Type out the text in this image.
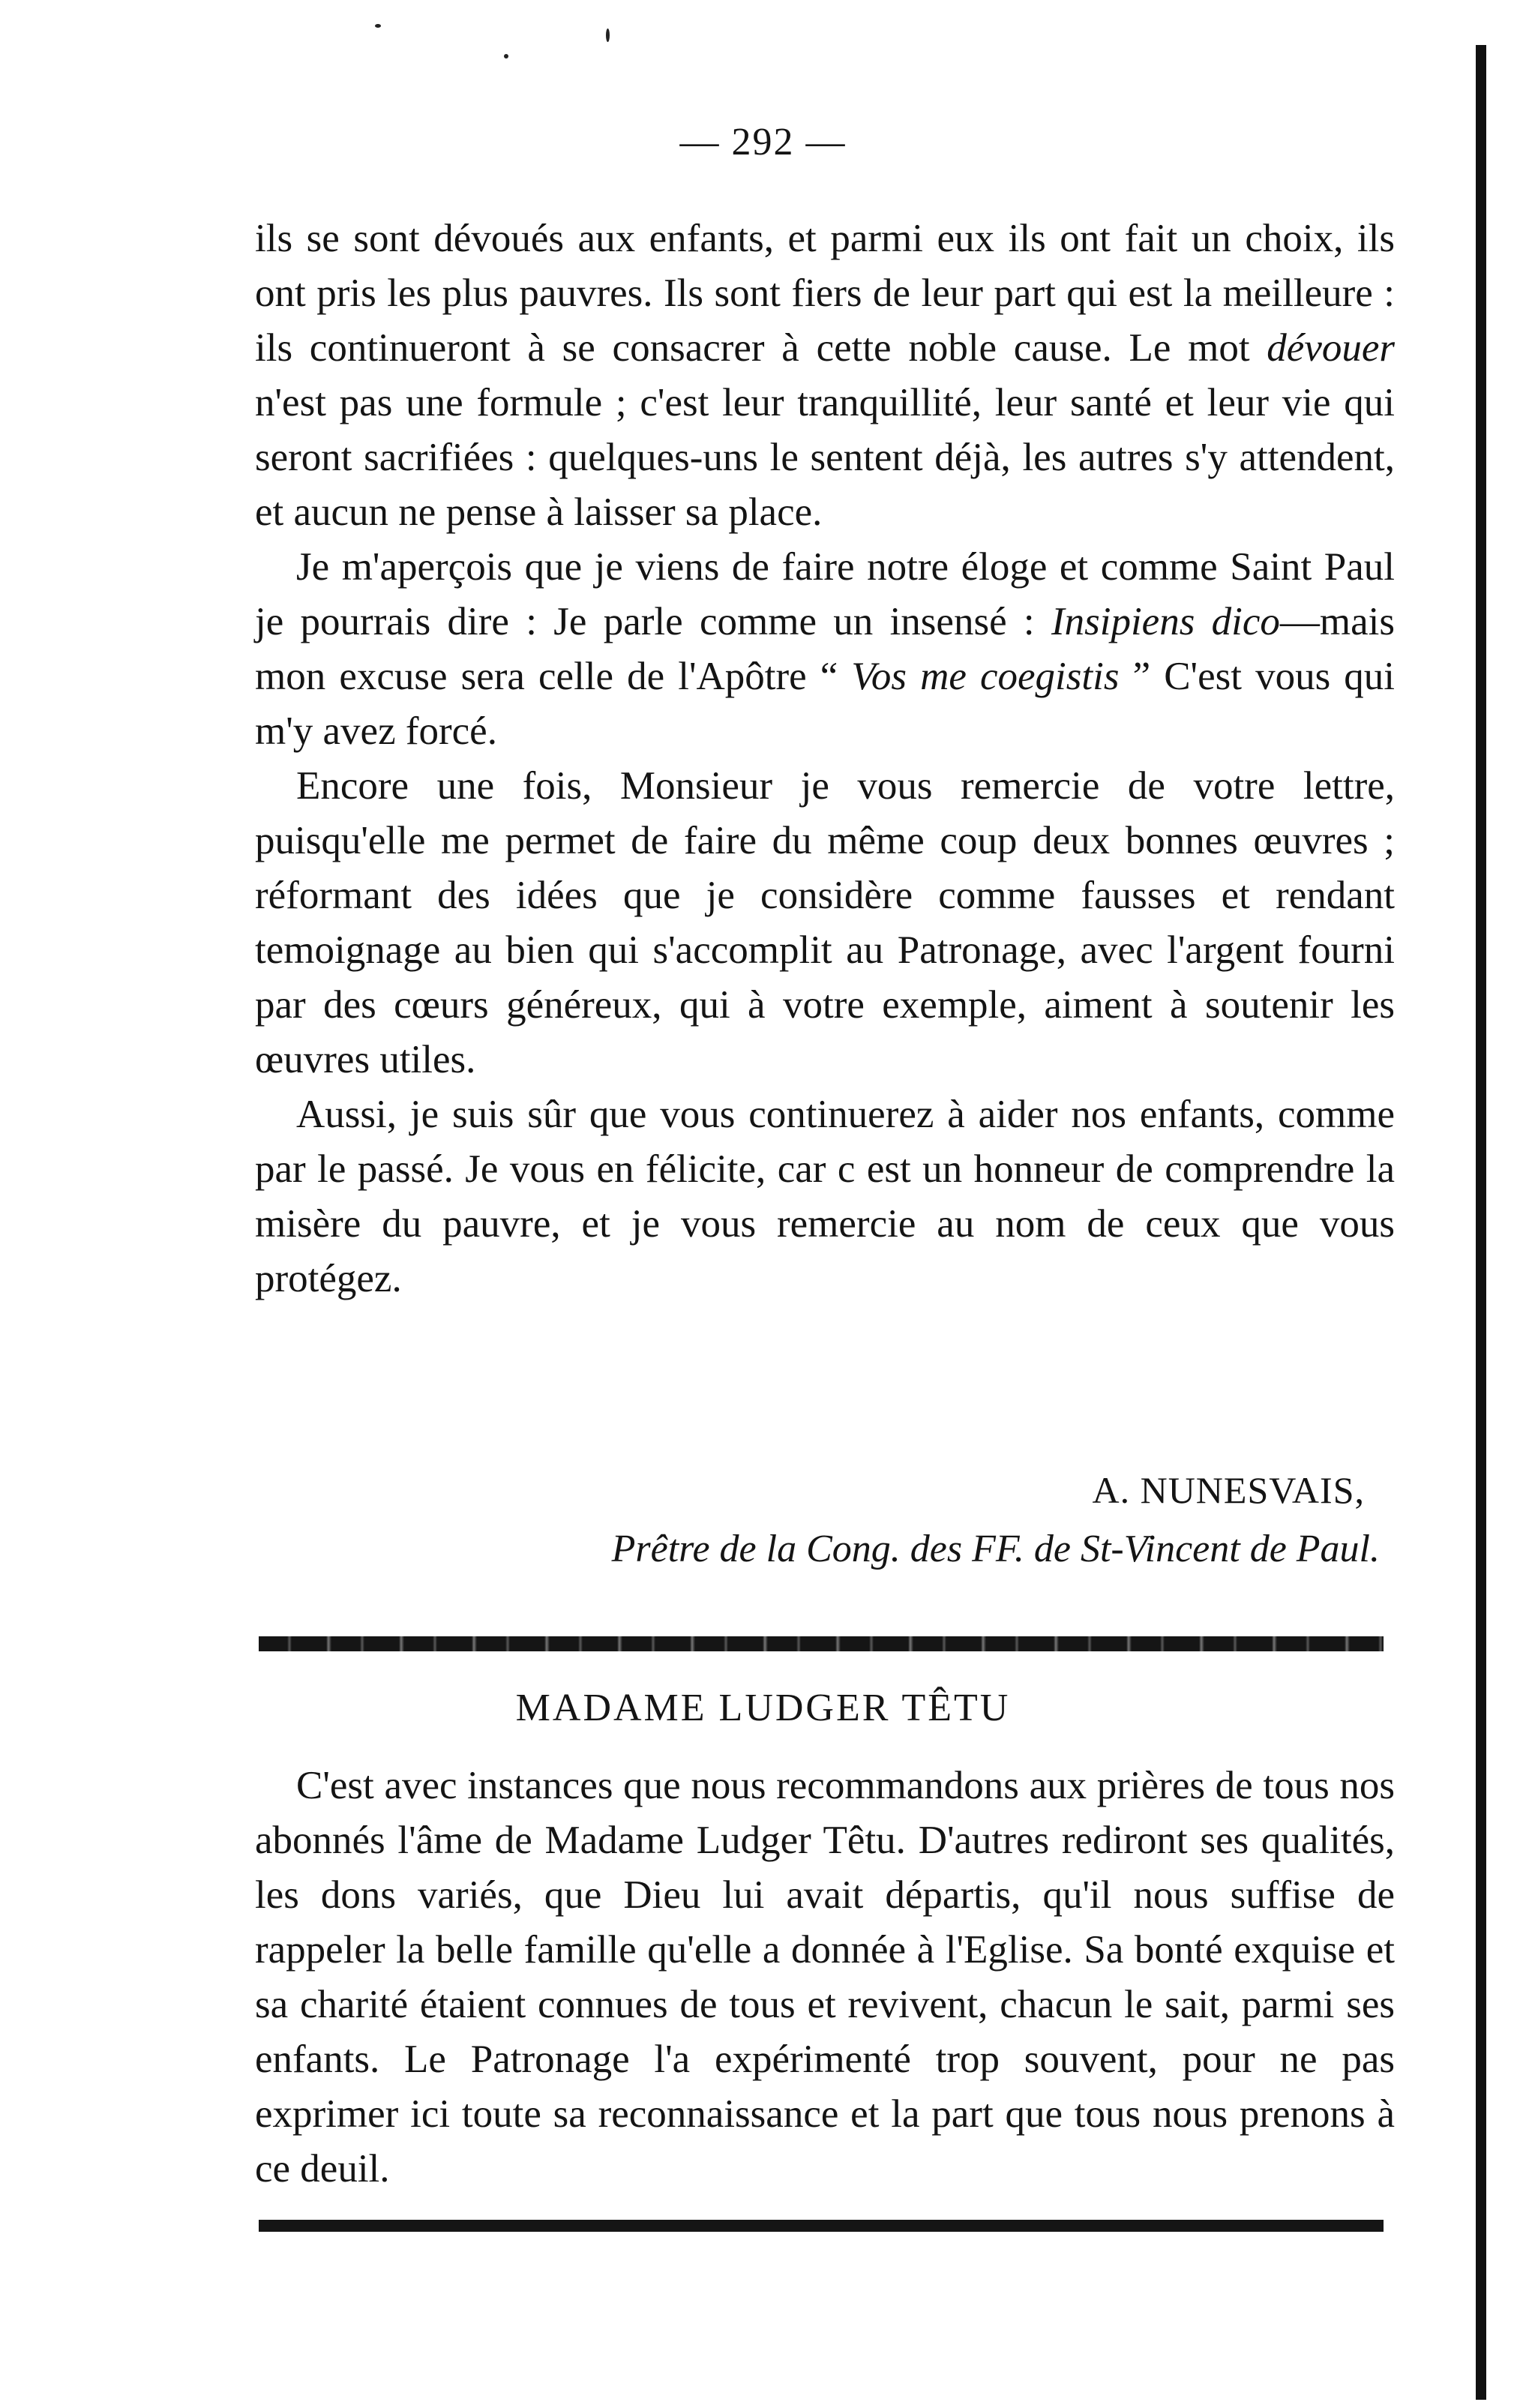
— 292 —

ils se sont dévoués aux enfants, et parmi eux ils ont fait un choix, ils ont pris les plus pauvres. Ils sont fiers de leur part qui est la meilleure : ils continueront à se consacrer à cette noble cause. Le mot dévouer n'est pas une formule ; c'est leur tranquillité, leur santé et leur vie qui seront sacrifiées : quelques-uns le sentent déjà, les autres s'y attendent, et aucun ne pense à laisser sa place.

Je m'aperçois que je viens de faire notre éloge et comme Saint Paul je pourrais dire : Je parle comme un insensé : Insipiens dico—mais mon excuse sera celle de l'Apôtre “ Vos me coegistis ” C'est vous qui m'y avez forcé.

Encore une fois, Monsieur je vous remercie de votre lettre, puisqu'elle me permet de faire du même coup deux bonnes œuvres ; réformant des idées que je considère comme fausses et rendant temoignage au bien qui s'accomplit au Patronage, avec l'argent fourni par des cœurs généreux, qui à votre exemple, aiment à soutenir les œuvres utiles.

Aussi, je suis sûr que vous continuerez à aider nos enfants, comme par le passé. Je vous en félicite, car c est un honneur de comprendre la misère du pauvre, et je vous remercie au nom de ceux que vous protégez.

A. NUNESVAIS,
Prêtre de la Cong. des FF. de St-Vincent de Paul.
MADAME LUDGER TÊTU

C'est avec instances que nous recommandons aux prières de tous nos abonnés l'âme de Madame Ludger Têtu. D'autres rediront ses qualités, les dons variés, que Dieu lui avait départis, qu'il nous suffise de rappeler la belle famille qu'elle a donnée à l'Eglise. Sa bonté exquise et sa charité étaient connues de tous et revivent, chacun le sait, parmi ses enfants. Le Patronage l'a expérimenté trop souvent, pour ne pas exprimer ici toute sa reconnaissance et la part que tous nous prenons à ce deuil.
